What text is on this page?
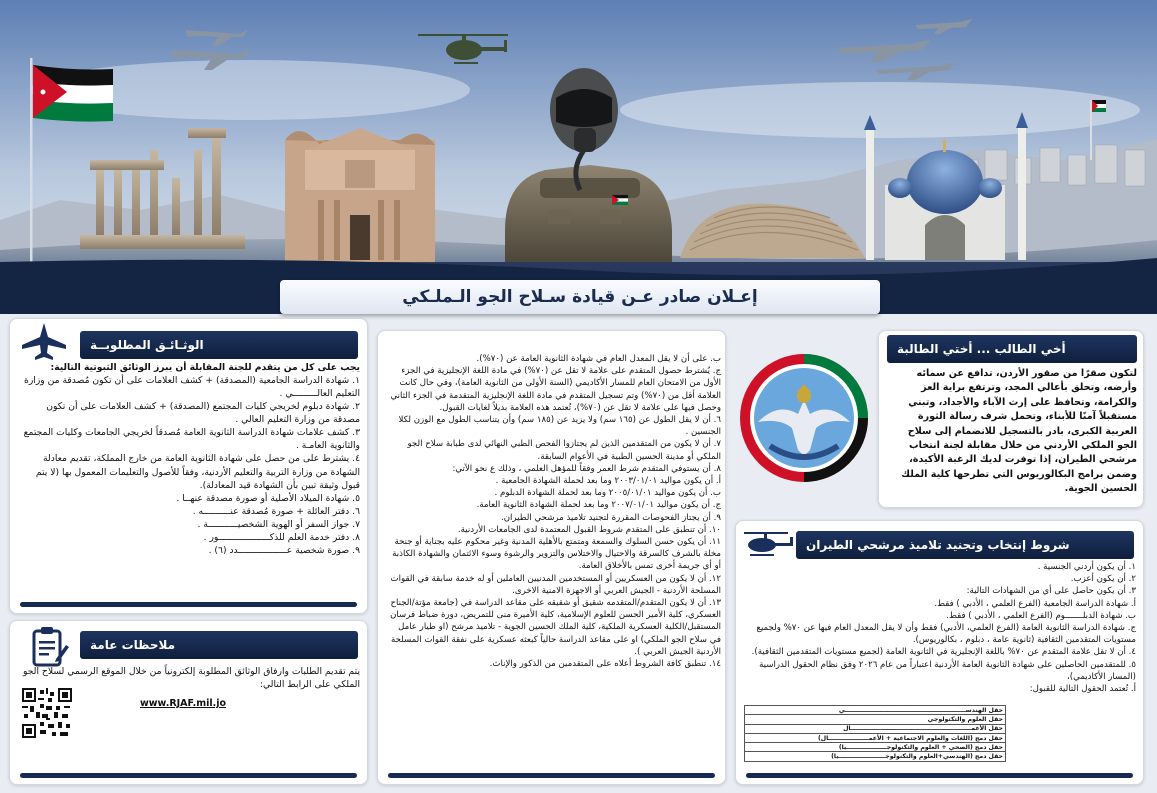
إعـلان صادر عـن قيادة سـلاح الجو الـملـكي
الوثـائـق المطلوبــة

يجب على كل من يتقدم للجنة المقابلة أن يبرز الوثائق الثبوتية التالية:

١. شهادة الدراسة الجامعية (المصدقة) + كشف العلامات على أن تكون مُصدقة من وزارة التعليم العالـــــــــي .

٢. شهادة دبلوم لخريجي كليات المجتمع (المصدقة) + كشف العلامات على أن تكون مصدقة من وزارة التعليم العالي .

٣. كشف علامات شهادة الدراسة الثانوية العامة مُصدقاً لخريجي الجامعات وكليات المجتمع والثانوية العامـة .

٤. يشترط على من حصل على شهادة الثانوية العامة من خارج المملكة، تقديم معادلة الشهادة من وزارة التربية والتعليم الأردنية، وفقاً للأصول والتعليمات المعمول بها (لا يتم قبول وثيقة تبين بأن الشهادة قيد المعادلة).

٥. شهادة الميلاد الأصلية أو صورة مصدقة عنهــا .

٦. دفتر العائلة + صورة مُصدقة عنــــــــــه .

٧. جواز السفر أو الهوية الشخصيـــــــــــة .

٨. دفتر خدمة العلم للذكـــــــــــــــــــور .

٩. صورة شخصية عــــــــــــــــــدد (٦) .

ملاحظات عامة

يتم تقديم الطلبات وارفاق الوثائق المطلوبة إلكترونياً من خلال الموقع الرسمي لسلاح الجو الملكي على الرابط التالي:

www.RJAF.mil.jo

ب. على أن لا يقل المعدل العام في شهادة الثانوية العامة عن (٧٠%).

ج. يُشترط حصول المتقدم على علامة لا تقل عن (٧٠%) في مادة اللغة الإنجليزية في الجزء الأول من الامتحان العام للمسار الأكاديمي (السنة الأولى من الثانوية العامة)، وفي حال كانت العلامة أقل من (٧٠%) وتم تسجيل المتقدم في مادة اللغة الإنجليزية المتقدمة في الجزء الثاني وحصل فيها على علامة لا تقل عن (٧٠%)، تُعتمد هذه العلامة بديلاً لغايات القبول.

٦. أن لا يقل الطول عن (١٦٥ سم) ولا يزيد عن (١٨٥ سم) وأن يتناسب الطول مع الوزن لكلا الجنسين .

٧. أن لا يكون من المتقدمين الذين لم يجتازوا الفحص الطبي النهائي لدى طبابة سلاح الجو الملكي أو مدينة الحسين الطبية في الأعوام السابقة.

٨. أن يستوفي المتقدم شرط العمر وفقاً للمؤهل العلمي ، وذلك ع نحو الآتي:

أ. أن يكون مواليد ٢٠٠٣/٠١/٠١ وما بعد لحملة الشهادة الجامعية .

ب. أن يكون مواليد ٢٠٠٥/٠١/٠١ وما بعد لحملة الشهادة الدبلوم .

ج. أن يكون مواليد ٢٠٠٧/٠١/٠١ وما بعد لحملة الشهادة الثانوية العامة.

٩. أن يجتاز الفحوصات المقررة لتجنيد تلاميذ مرشحي الطيران.

١٠. أن تنطبق على المتقدم شروط القبول المعتمدة لدى الجامعات الأردنية.

١١. أن يكون حسن السلوك والسمعة ومتمتع بالأهلية المدنية وغير محكوم عليه بجناية أو جنحة مخلة بالشرف كالسرقة والاحتيال والاختلاس والتزوير والرشوة وسوء الائتمان والشهادة الكاذبة أو أي جريمة أخرى تمس بالأخلاق العامة.

١٢. أن لا يكون من العسكريين أو المستخدمين المدنيين العاملين أو له خدمة سابقة في القوات المسلحة الأردنية - الجيش العربي أو الاجهزة الامنية الاخرى.

١٣. أن لا يكون المتقدم/المتقدمه شقيق أو شقيقه على مقاعد الدراسة في (جامعة مؤتة/الجناح العسكري، كلية الأمير الحسن للعلوم الإسلامية، كلية الأميرة منى للتمريض، دورة ضباط فرسان المستقبل/الكلية العسكرية الملكية، كلية الملك الحسين الجوية - تلاميذ مرشح (او طيار عامل في سلاح الجو الملكي) او على مقاعد الدراسة حالياً كبعثه عسكرية على نفقة القوات المسلحة الأردنية الجيش العربي ).

١٤. تنطبق كافة الشروط أعلاه على المتقدمين من الذكور والإناث.

أخي الطالب ... أختي الطالبة

لتكون صقرًا من صقور الأردن، تدافع عن سمائه وأرضه، وتحلق بأعالي المجد، وترتفع براية العز والكرامة، وتحافظ على إرث الآباء والأجداد، وتبني مستقبلاً آمنًا للأبناء، وتحمل شرف رسالة الثورة العربية الكبرى، بادر بالتسجيل للانضمام إلى سلاح الجو الملكي الأردني من خلال مقابلة لجنة انتخاب مرشحي الطيران، إذا توفرت لديك الرغبة الأكيدة، وضمن برامج البكالوريوس التي تطرحها كلية الملك الحسين الجوية.

شروط إنتخاب وتجنيد تلاميذ مرشحي الطيران

١. أن يكون أردني الجنسية .

٢. أن يكون أعزب.

٣. أن يكون حاصل على أي من الشهادات التالية:

أ. شهادة الدراسة الجامعية (الفرع العلمي ، الأدبي ) فقط.

ب. شهادة الدبلـــــــوم (الفرع العلمي ، الأدبي ) فقط.

ج. شهادة الدراسة الثانوية العامة (الفرع العلمي، الأدبي) فقط وأن لا يقل المعدل العام فيها عن ٧٠% ولجميع مستويات المتقدمين الثقافية (ثانوية عامة ، دبلوم ، بكالوريوس).

٤. أن لا تقل علامة المتقدم عن ٧٠% باللغة الإنجليزية في الثانوية العامة (لجميع مستويات المتقدمين الثقافية).

٥. للمتقدمين الحاصلين على شهادة الثانوية العامة الأردنية اعتباراً من عام ٢٠٢٦ وفق نظام الحقول الدراسية (المسار الأكاديمي)،

أ. تُعتمد الحقول التالية للقبول:

حقل الهندســـــــــــــــــــــــــــــــــــــــــــــــــــــــــي
حقل العلوم والتكنولوجي
حقل الأعمـــــــــــــــــــــــــــــــــــــــــــــــــــــــــال
حقل دمج (اللغات والعلوم الاجتماعية + الأعمـــــــــــــــــــال)
حقل دمج (الصحي + العلوم والتكنولوجـــــــــــــــــــيا)
حقل دمج (الهندسي+العلوم والتكنولوجــــــــــــــــــــــيا)
